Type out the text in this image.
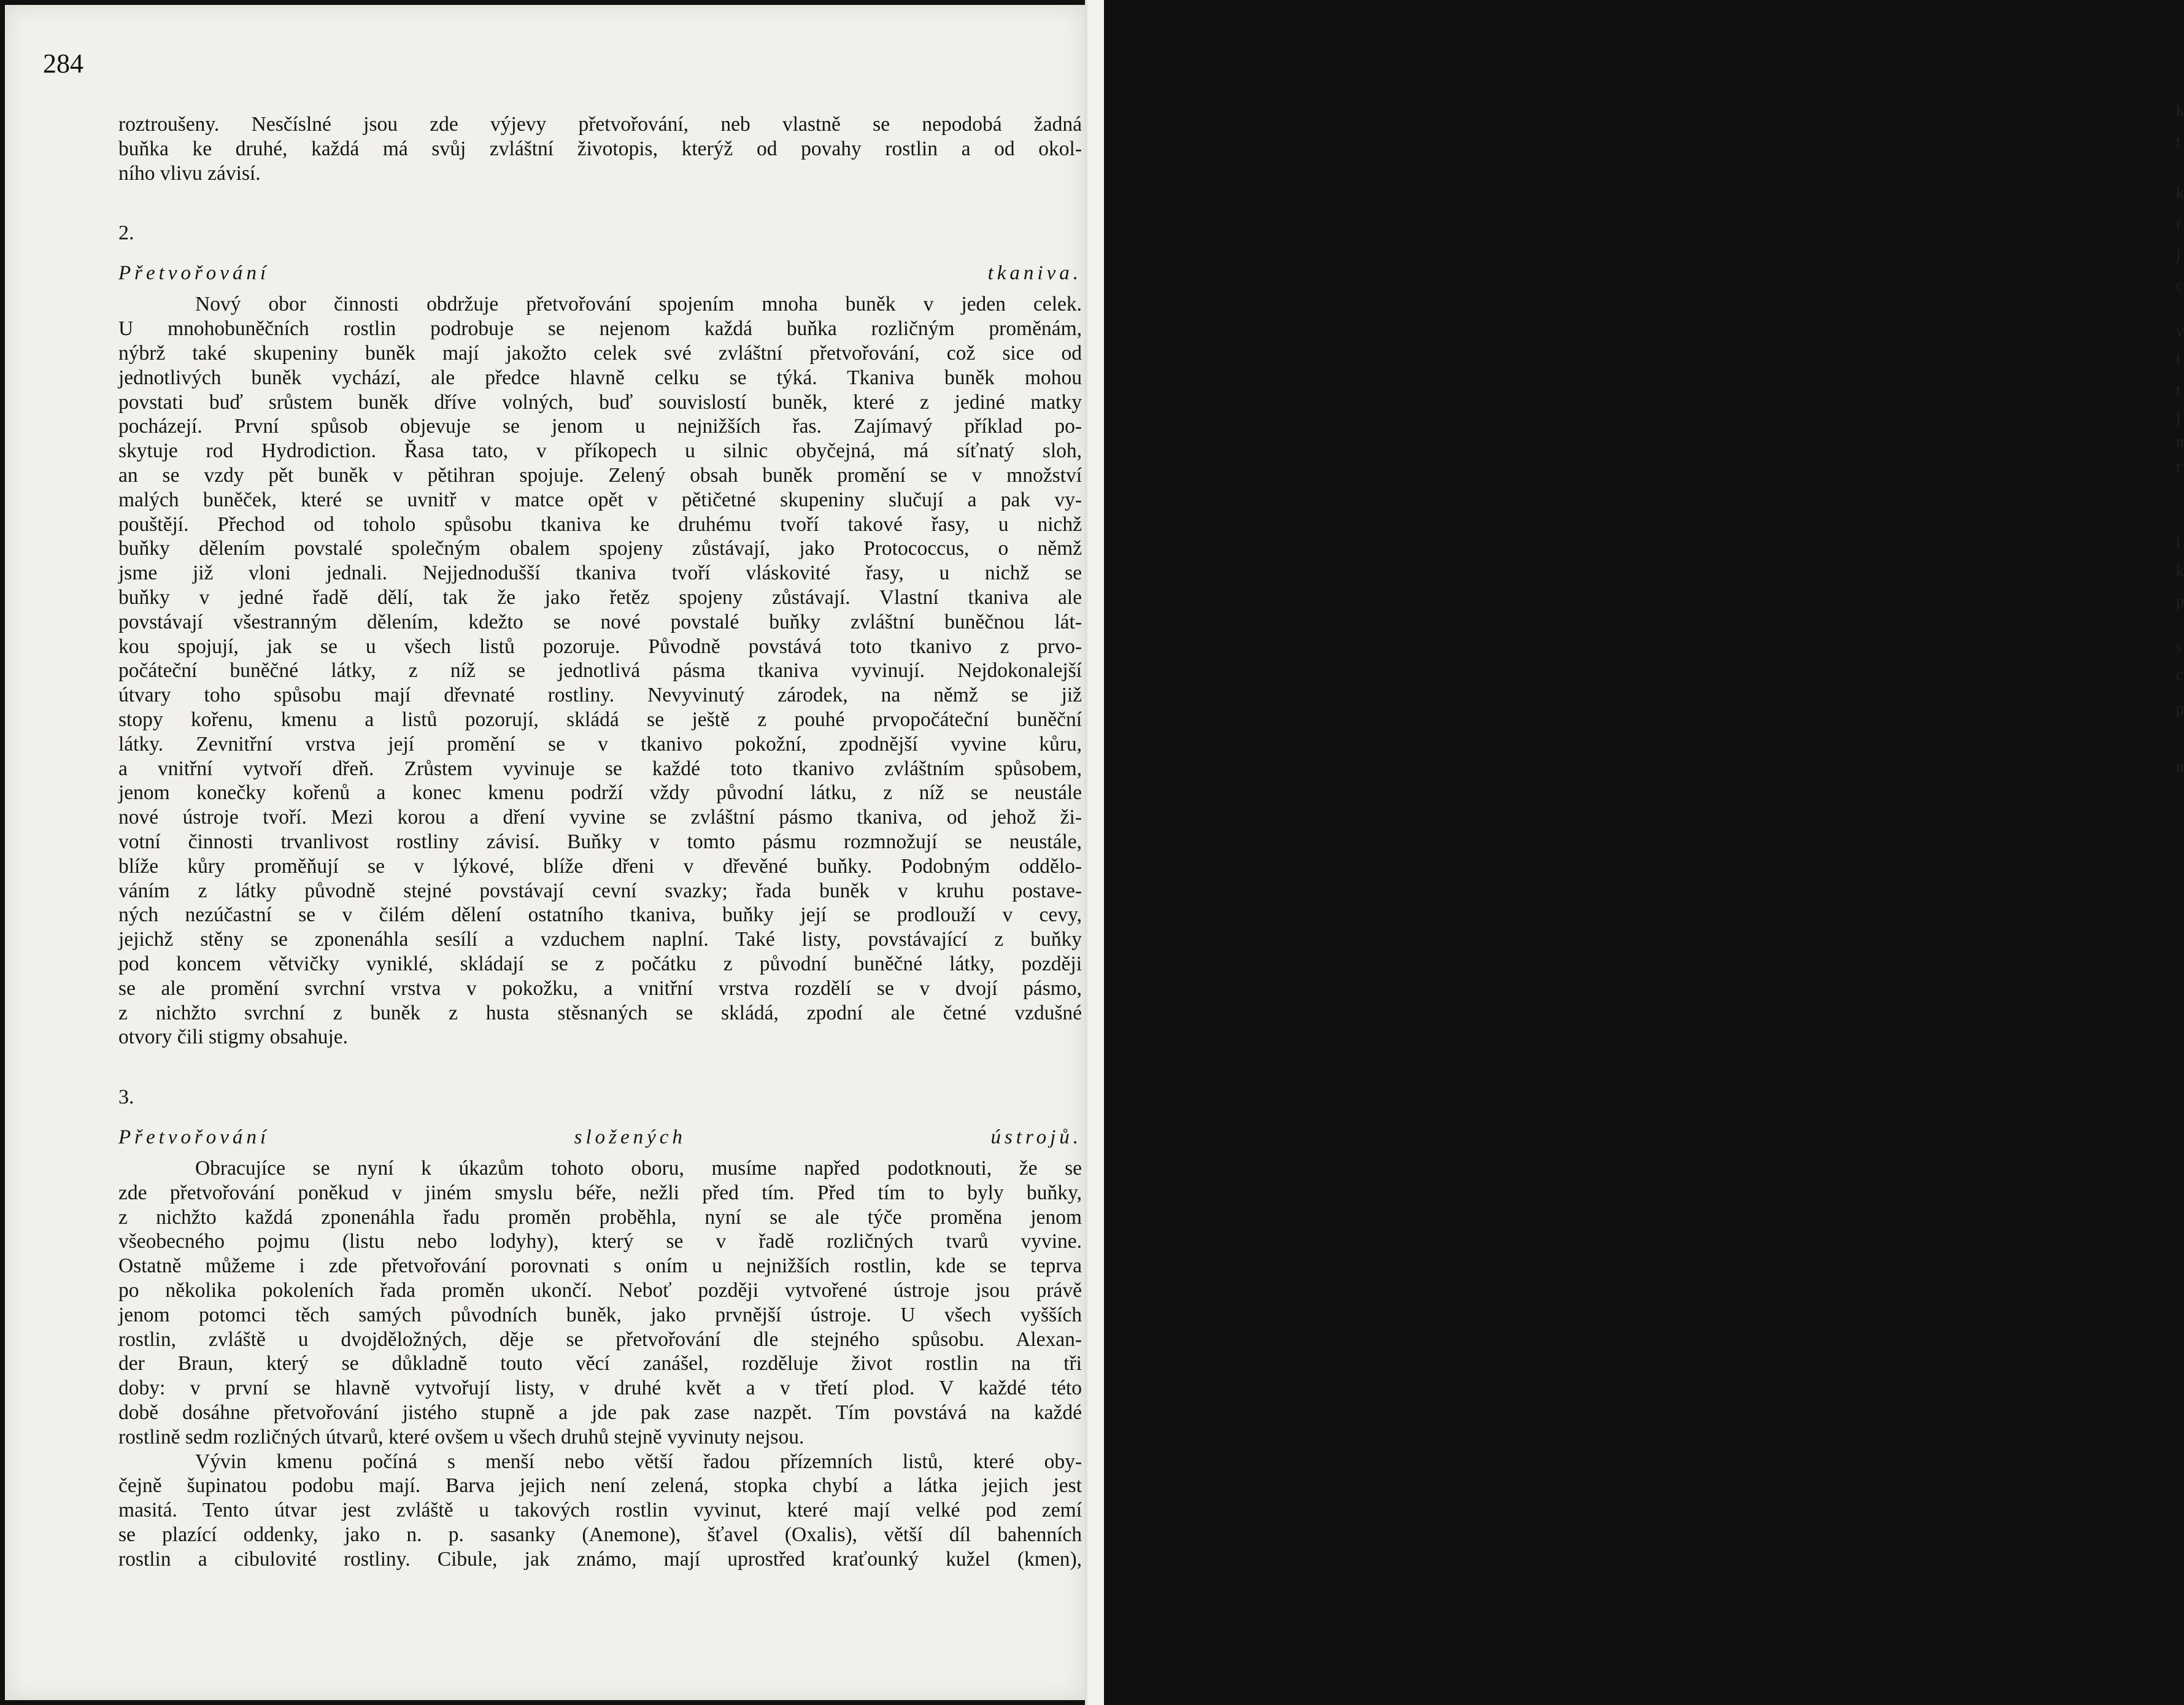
284
roztroušeny. Nesčíslné jsou zde výjevy přetvořování, neb vlastně se nepodobá žadná
buňka ke druhé, každá má svůj zvláštní životopis, kterýž od povahy rostlin a od okol-
ního vlivu závisí.
2.
Přetvořování tkaniva.
Nový obor činnosti obdržuje přetvořování spojením mnoha buněk v jeden celek.
U mnohobuněčních rostlin podrobuje se nejenom každá buňka rozličným proměnám,
nýbrž také skupeniny buněk mají jakožto celek své zvláštní přetvořování, což sice od
jednotlivých buněk vychází, ale předce hlavně celku se týká. Tkaniva buněk mohou
povstati buď srůstem buněk dříve volných, buď souvislostí buněk, které z jediné matky
pocházejí. První spůsob objevuje se jenom u nejnižších řas. Zajímavý příklad po-
skytuje rod Hydrodiction. Řasa tato, v příkopech u silnic obyčejná, má síťnatý sloh,
an se vzdy pět buněk v pětihran spojuje. Zelený obsah buněk promění se v množství
malých buněček, které se uvnitř v matce opět v pětičetné skupeniny slučují a pak vy-
pouštějí. Přechod od toholo spůsobu tkaniva ke druhému tvoří takové řasy, u nichž
buňky dělením povstalé společným obalem spojeny zůstávají, jako Protococcus, o němž
jsme již vloni jednali. Nejjednodušší tkaniva tvoří vláskovité řasy, u nichž se
buňky v jedné řadě dělí, tak že jako řetěz spojeny zůstávají. Vlastní tkaniva ale
povstávají všestranným dělením, kdežto se nové povstalé buňky zvláštní buněčnou lát-
kou spojují, jak se u všech listů pozoruje. Původně povstává toto tkanivo z prvo-
počáteční buněčné látky, z níž se jednotlivá pásma tkaniva vyvinují. Nejdokonalejší
útvary toho spůsobu mají dřevnaté rostliny. Nevyvinutý zárodek, na němž se již
stopy kořenu, kmenu a listů pozorují, skládá se ještě z pouhé prvopočáteční buněční
látky. Zevnitřní vrstva její promění se v tkanivo pokožní, zpodnější vyvine kůru,
a vnitřní vytvoří dřeň. Zrůstem vyvinuje se každé toto tkanivo zvláštním spůsobem,
jenom konečky kořenů a konec kmenu podrží vždy původní látku, z níž se neustále
nové ústroje tvoří. Mezi korou a dření vyvine se zvláštní pásmo tkaniva, od jehož ži-
votní činnosti trvanlivost rostliny závisí. Buňky v tomto pásmu rozmnožují se neustále,
blíže kůry proměňují se v lýkové, blíže dřeni v dřevěné buňky. Podobným oddělo-
váním z látky původně stejné povstávají cevní svazky; řada buněk v kruhu postave-
ných nezúčastní se v čilém dělení ostatního tkaniva, buňky její se prodlouží v cevy,
jejichž stěny se zponenáhla sesílí a vzduchem naplní. Také listy, povstávající z buňky
pod koncem větvičky vyniklé, skládají se z počátku z původní buněčné látky, později
se ale promění svrchní vrstva v pokožku, a vnitřní vrstva rozdělí se v dvojí pásmo,
z nichžto svrchní z buněk z husta stěsnaných se skládá, zpodní ale četné vzdušné
otvory čili stigmy obsahuje.
3.
Přetvořování složených ústrojů.
Obracujíce se nyní k úkazům tohoto oboru, musíme napřed podotknouti, že se
zde přetvořování poněkud v jiném smyslu béře, nežli před tím. Před tím to byly buňky,
z nichžto každá zponenáhla řadu proměn proběhla, nyní se ale týče proměna jenom
všeobecného pojmu (listu nebo lodyhy), který se v řadě rozličných tvarů vyvine.
Ostatně můžeme i zde přetvořování porovnati s oním u nejnižších rostlin, kde se teprva
po několika pokoleních řada proměn ukončí. Neboť později vytvořené ústroje jsou právě
jenom potomci těch samých původních buněk, jako prvnější ústroje. U všech vyšších
rostlin, zvláště u dvojděložných, děje se přetvořování dle stejného spůsobu. Alexan-
der Braun, který se důkladně touto věcí zanášel, rozděluje život rostlin na tři
doby: v první se hlavně vytvořují listy, v druhé květ a v třetí plod. V každé této
době dosáhne přetvořování jistého stupně a jde pak zase nazpět. Tím povstává na každé
rostlině sedm rozličných útvarů, které ovšem u všech druhů stejně vyvinuty nejsou.
Vývin kmenu počíná s menší nebo větší řadou přízemních listů, které oby-
čejně šupinatou podobu mají. Barva jejich není zelená, stopka chybí a látka jejich jest
masitá. Tento útvar jest zvláště u takových rostlin vyvinut, které mají velké pod zemí
se plazící oddenky, jako n. p. sasanky (Anemone), šťavel (Oxalis), větší díl bahenních
rostlin a cibulovité rostliny. Cibule, jak známo, mají uprostřed kraťounký kužel (kmen),
k
t
k
r
j
c
v
t
t
j
n
r
l
k
p
s
c
p
n
